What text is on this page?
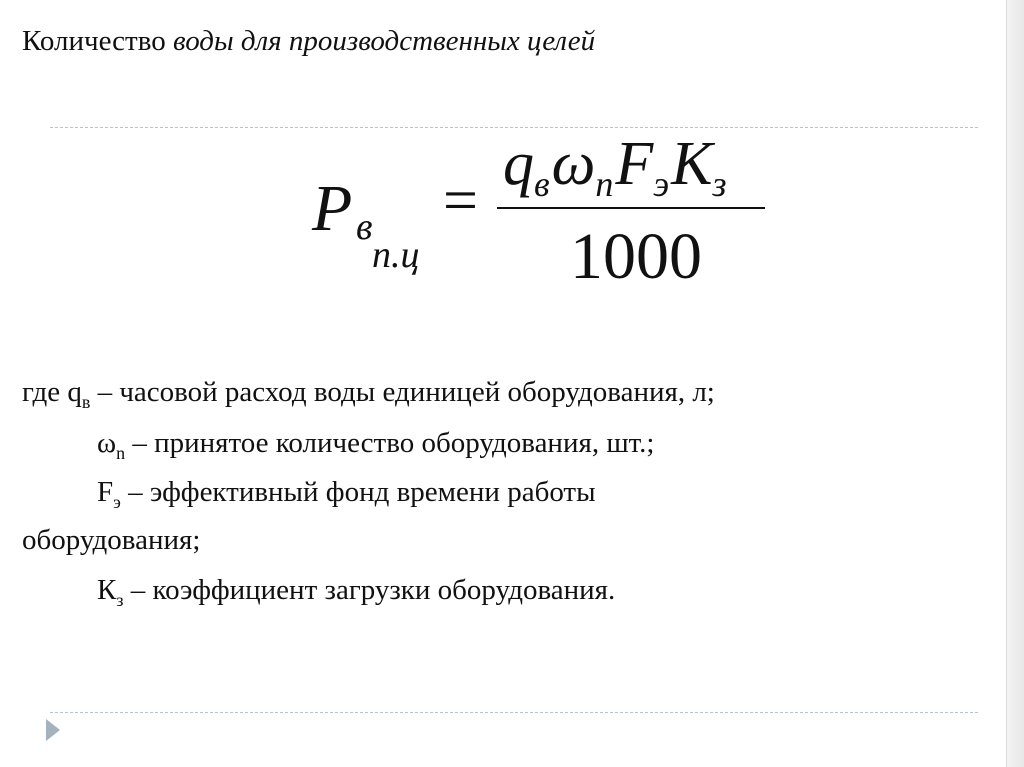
Количество воды для производственных целей
P в
п.ц
=
qвωпFэKз
1000
где $q_в$ – часовой расход воды единицей оборудования, л;
$\omega_n$ – принятое количество оборудования, шт.;
$F_э$ – эффективный фонд времени работы
оборудования;
$К_з$ – коэффициент загрузки оборудования.
